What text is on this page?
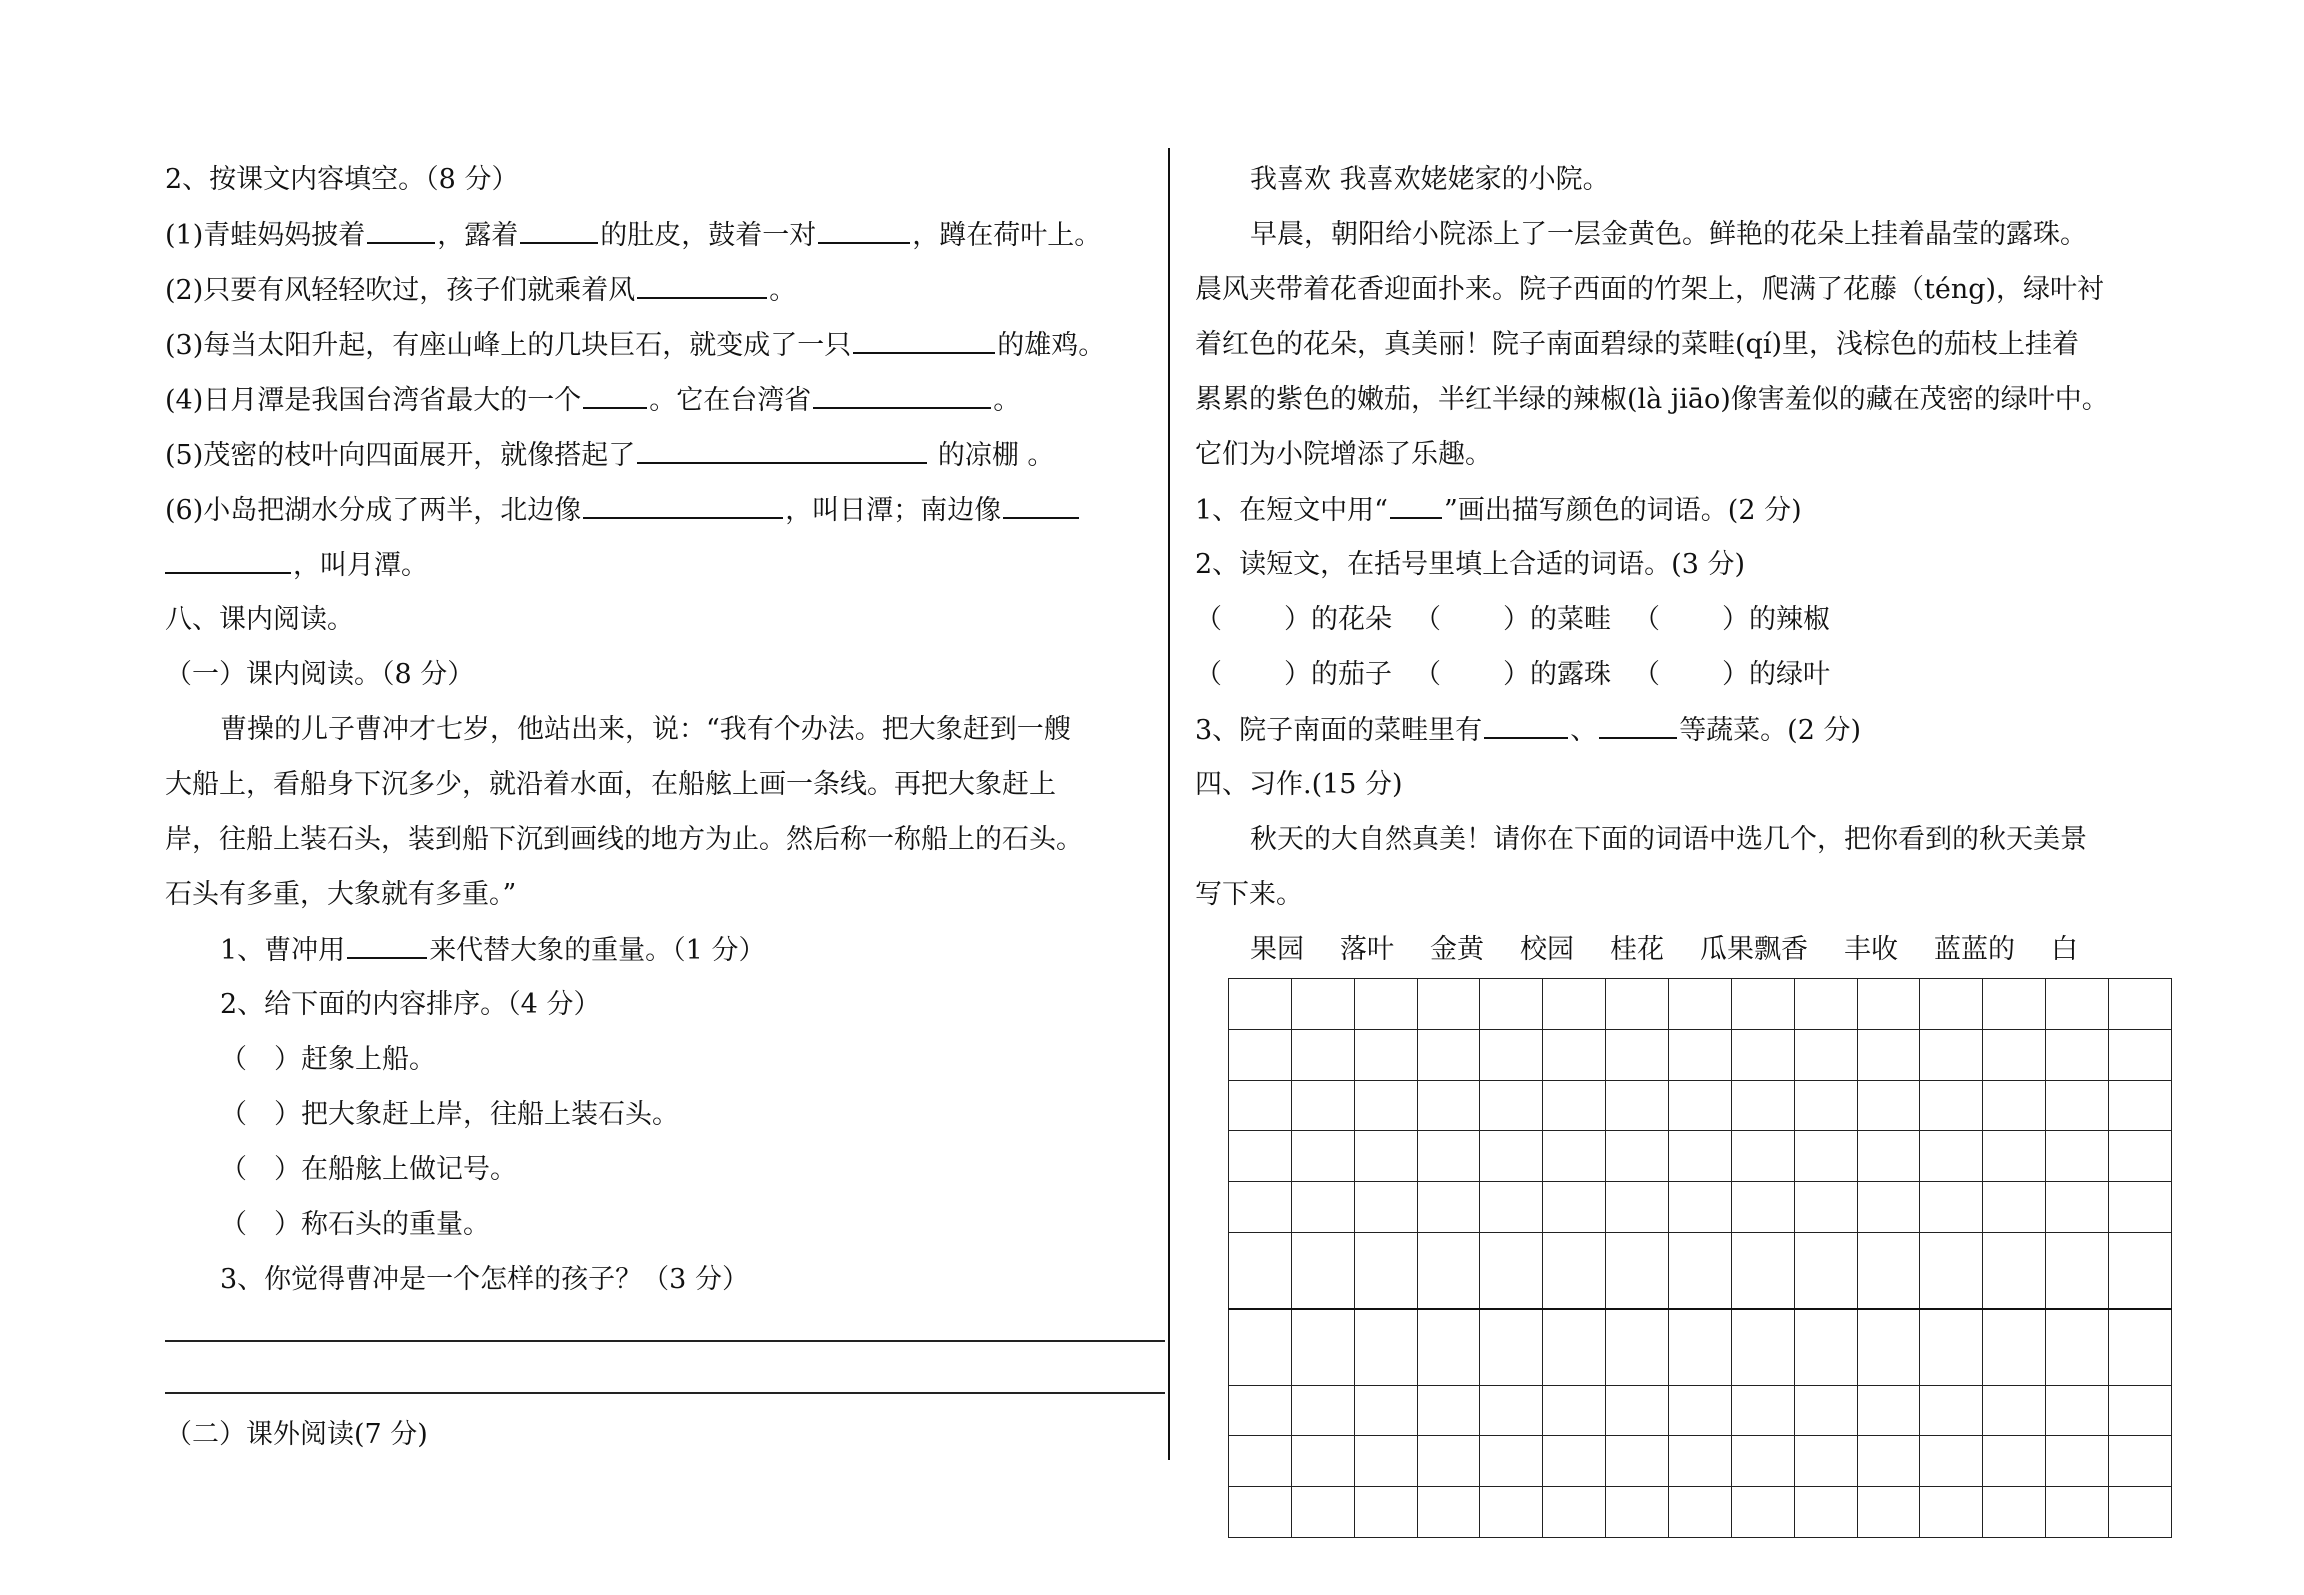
2、按课文内容填空。（8 分）
(1)青蛙妈妈披着	，露着	的肚皮，鼓着一对	，蹲在荷叶上。
(2)只要有风轻轻吹过，孩子们就乘着风	。
(3)每当太阳升起，有座山峰上的几块巨石，就变成了一只	的雄鸡。
(4)日月潭是我国台湾省最大的一个	。它在台湾省	。
(5)茂密的枝叶向四面展开，就像搭起了	的凉棚 。
(6)小岛把湖水分成了两半，北边像	，叫日潭；南边像
，叫月潭。
八、课内阅读。
（一）课内阅读。（8 分）
曹操的儿子曹冲才七岁，他站出来，说：“我有个办法。把大象赶到一艘
大船上，看船身下沉多少，就沿着水面，在船舷上画一条线。再把大象赶上
岸，往船上装石头，装到船下沉到画线的地方为止。然后称一称船上的石头。
石头有多重，大象就有多重。”
1、曹冲用	来代替大象的重量。（1 分）
2、给下面的内容排序。（4 分）
（　）赶象上船。
（　）把大象赶上岸，往船上装石头。
（　）在船舷上做记号。
（　）称石头的重量。
3、你觉得曹冲是一个怎样的孩子？（3 分）
（二）课外阅读(7 分)
我喜欢 我喜欢姥姥家的小院。
早晨，朝阳给小院添上了一层金黄色。鲜艳的花朵上挂着晶莹的露珠。
晨风夹带着花香迎面扑来。院子西面的竹架上，爬满了花藤（téng)，绿叶衬
着红色的花朵，真美丽！院子南面碧绿的菜畦(qí)里，浅棕色的茄枝上挂着
累累的紫色的嫩茄，半红半绿的辣椒(là jiāo)像害羞似的藏在茂密的绿叶中。
它们为小院增添了乐趣。
1、在短文中用“ ”画出描写颜色的词语。(2 分)
2、读短文，在括号里填上合适的词语。(3 分)
（ ）的花朵 （ ）的菜畦 （ ）的辣椒
（ ）的茄子 （ ）的露珠 （ ）的绿叶
3、院子南面的菜畦里有	、	等蔬菜。(2 分)
四、习作.(15 分)
秋天的大自然真美！请你在下面的词语中选几个，把你看到的秋天美景
写下来。
果园 落叶 金黄 校园 桂花 瓜果飘香 丰收 蓝蓝的 白
